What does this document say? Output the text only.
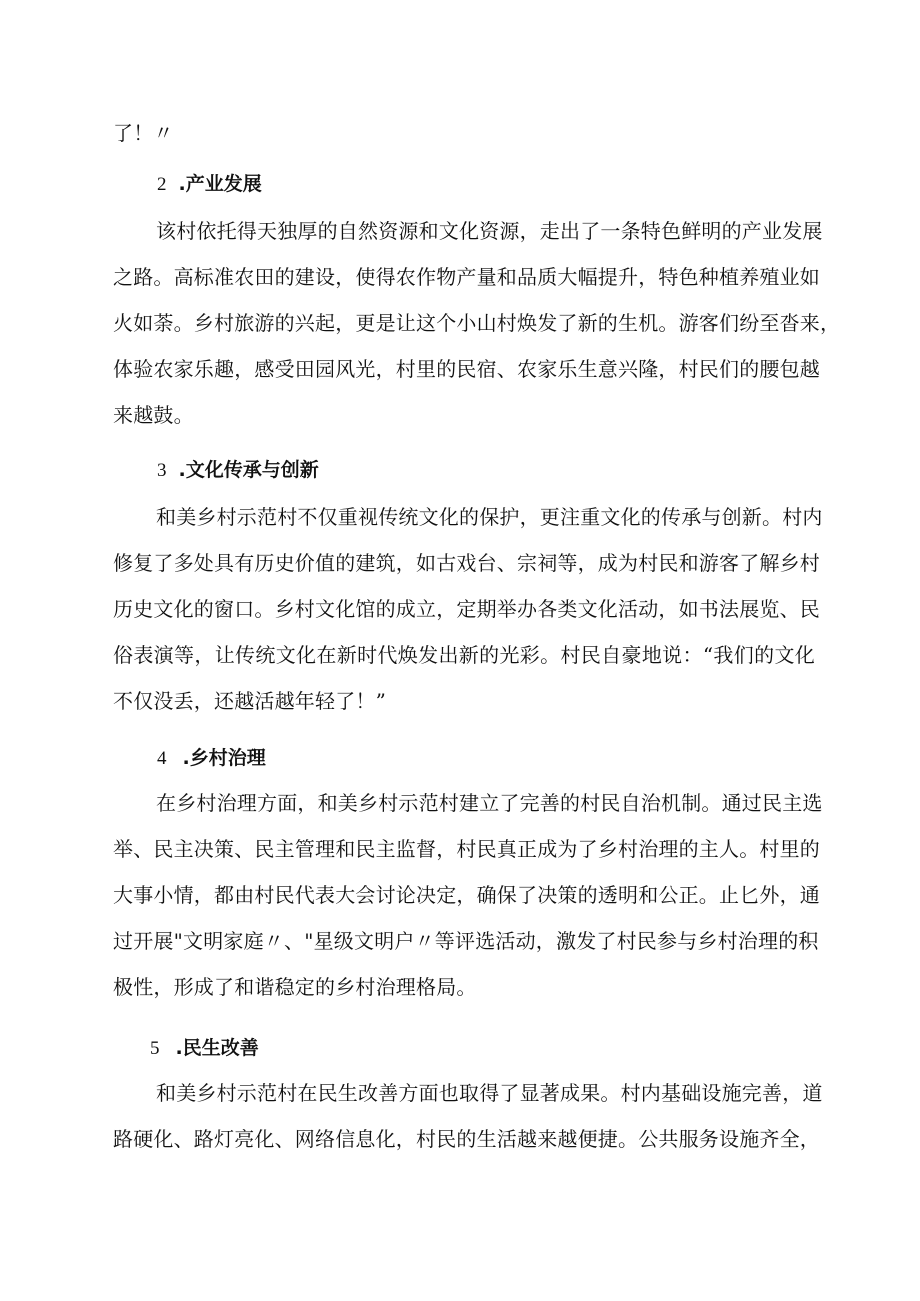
了！〃
2 .产业发展
该村依托得天独厚的自然资源和文化资源，走出了一条特色鲜明的产业发展
之路。高标准农田的建设，使得农作物产量和品质大幅提升，特色种植养殖业如
火如荼。乡村旅游的兴起，更是让这个小山村焕发了新的生机。游客们纷至沓来，
体验农家乐趣，感受田园风光，村里的民宿、农家乐生意兴隆，村民们的腰包越
来越鼓。
3 .文化传承与创新
和美乡村示范村不仅重视传统文化的保护，更注重文化的传承与创新。村内
修复了多处具有历史价值的建筑，如古戏台、宗祠等，成为村民和游客了解乡村
历史文化的窗口。乡村文化馆的成立，定期举办各类文化活动，如书法展览、民
俗表演等，让传统文化在新时代焕发出新的光彩。村民自豪地说：“我们的文化
不仅没丢，还越活越年轻了！”
4 .乡村治理
在乡村治理方面，和美乡村示范村建立了完善的村民自治机制。通过民主选
举、民主决策、民主管理和民主监督，村民真正成为了乡村治理的主人。村里的
大事小情，都由村民代表大会讨论决定，确保了决策的透明和公正。止匕外，通
过开展"文明家庭〃、"星级文明户〃等评选活动，激发了村民参与乡村治理的积
极性，形成了和谐稳定的乡村治理格局。
5 .民生改善
和美乡村示范村在民生改善方面也取得了显著成果。村内基础设施完善，道
路硬化、路灯亮化、网络信息化，村民的生活越来越便捷。公共服务设施齐全，
